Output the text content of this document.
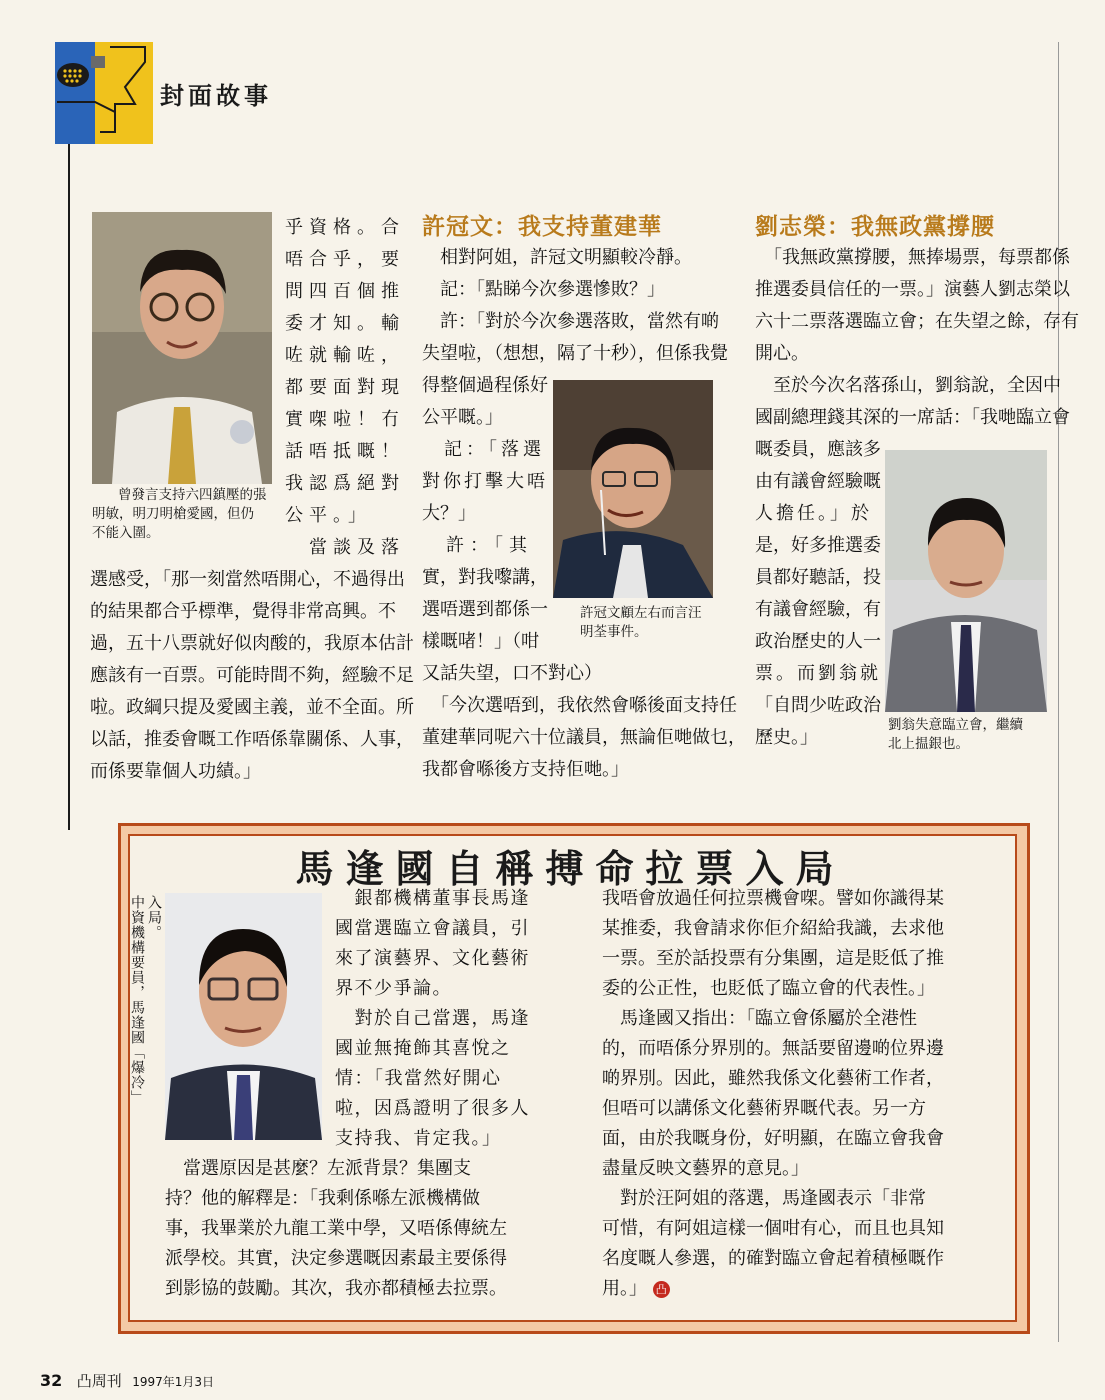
封面故事
曾發言支持六四鎮壓的張
明敏，明刀明槍愛國，但仍
不能入圍。
乎資格。合
唔合乎，要
問四百個推
委才知。輸
咗就輸咗，
都要面對現
實㗎啦！冇
話唔抵嘅！
我認爲絕對
公平。」
　當談及落
選感受，「那一刻當然唔開心，不過得出
的結果都合乎標準，覺得非常高興。不
過，五十八票就好似肉酸的，我原本估計
應該有一百票。可能時間不夠，經驗不足
啦。政綱只提及愛國主義，並不全面。所
以話，推委會嘅工作唔係靠關係、人事，
而係要靠個人功績。」
許冠文：我支持董建華
　相對阿姐，許冠文明顯較冷靜。
　記：「點睇今次參選慘敗？」
　許：「對於今次參選落敗，當然有啲
失望啦，（想想，隔了十秒），但係我覺
得整個過程係好
公平嘅。」
　記：「落選
對你打擊大唔
大？」
　許：「其
實，對我嚟講，
選唔選到都係一
樣嘅啫！」（咁
又話失望，口不對心）
許冠文顧左右而言汪
明荃事件。
　「今次選唔到，我依然會喺後面支持任
董建華同呢六十位議員，無論佢哋做乜，
我都會喺後方支持佢哋。」
劉志榮：我無政黨撐腰
　「我無政黨撐腰，無捧場票，每票都係
推選委員信任的一票。」演藝人劉志榮以
六十二票落選臨立會；在失望之餘，存有
開心。
　至於今次名落孫山，劉翁說，全因中
國副總理錢其深的一席話：「我哋臨立會
嘅委員，應該多
由有議會經驗嘅
人擔任。」於
是，好多推選委
員都好聽話，投
有議會經驗，有
政治歷史的人一
票。而劉翁就
「自問少咗政治
歷史。」
劉翁失意臨立會，繼續
北上揾銀也。
馬逢國自稱搏命拉票入局
入局。
中資機構要員，馬逢國「爆冷」	　銀都機構董事長馬逢
國當選臨立會議員，引
來了演藝界、文化藝術
界不少爭論。
　對於自己當選，馬逢
國並無掩飾其喜悅之
情：「我當然好開心
啦，因爲證明了很多人
支持我、肯定我。」
　當選原因是甚麼？左派背景？集團支
持？他的解釋是：「我剩係喺左派機構做
事，我畢業於九龍工業中學，又唔係傳統左
派學校。其實，決定參選嘅因素最主要係得
到影協的鼓勵。其次，我亦都積極去拉票。
我唔會放過任何拉票機會㗎。譬如你識得某
某推委，我會請求你佢介紹給我識，去求他
一票。至於話投票有分集團，這是貶低了推
委的公正性，也貶低了臨立會的代表性。」
　馬逢國又指出：「臨立會係屬於全港性
的，而唔係分界別的。無話要留邊啲位界邊
啲界別。因此，雖然我係文化藝術工作者，
但唔可以講係文化藝術界嘅代表。另一方
面，由於我嘅身份，好明顯，在臨立會我會
盡量反映文藝界的意見。」
　對於汪阿姐的落選，馬逢國表示「非常
可惜，有阿姐這樣一個咁有心，而且也具知
名度嘅人參選，的確對臨立會起着積極嘅作
用。」 凸
32 凸周刊 1997年1月3日
